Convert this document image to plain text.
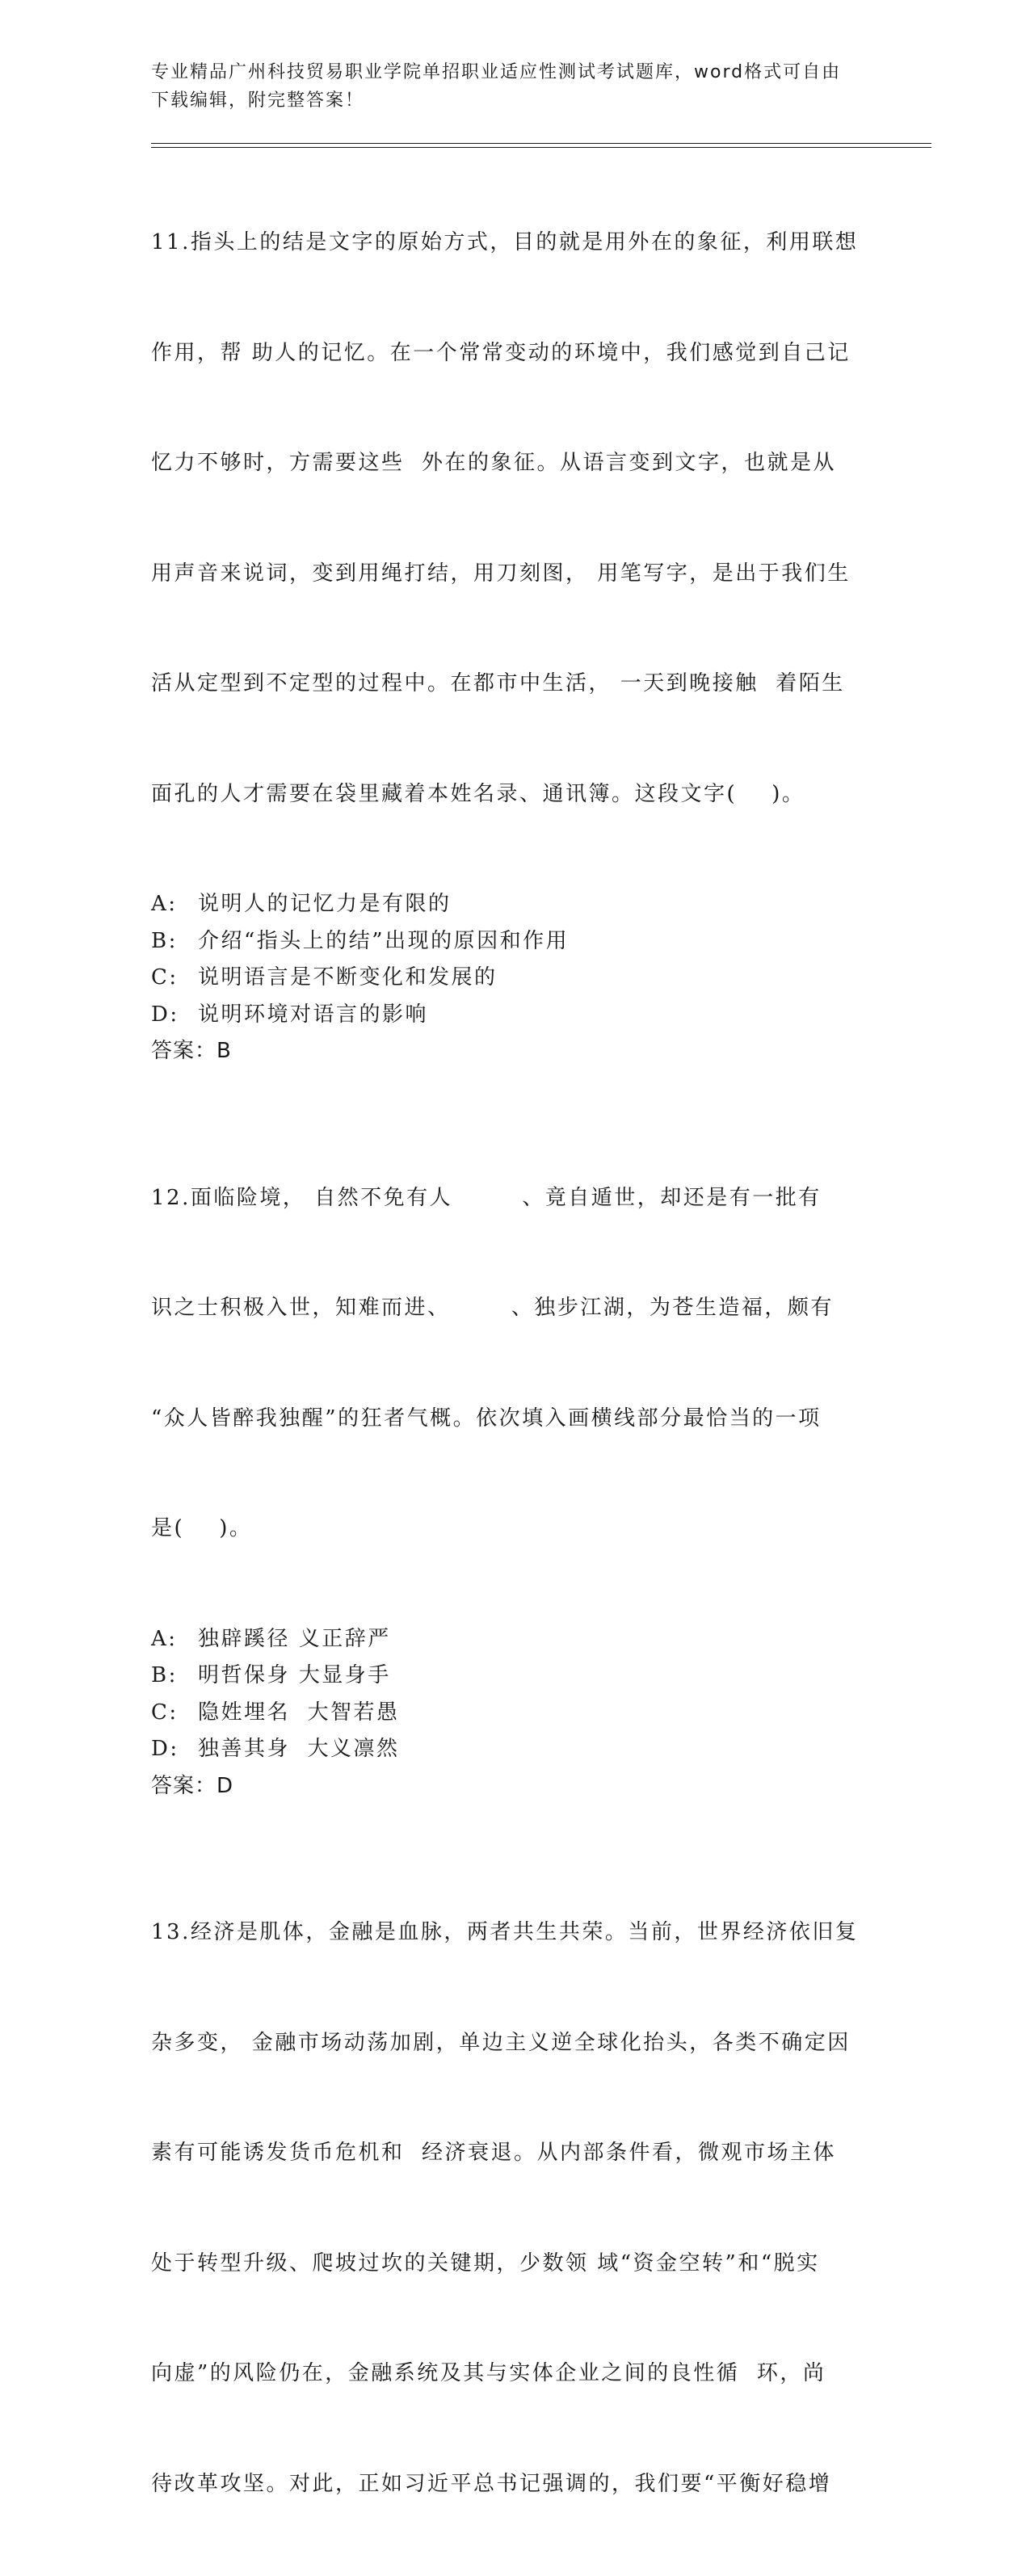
专业精品广州科技贸易职业学院单招职业适应性测试考试题库，word格式可自由
下载编辑，附完整答案！

11.指头上的结是文字的原始方式，目的就是用外在的象征，利用联想

作用，帮 助人的记忆。在一个常常变动的环境中，我们感觉到自己记

忆力不够时，方需要这些  外在的象征。从语言变到文字，也就是从

用声音来说词，变到用绳打结，用刀刻图， 用笔写字，是出于我们生

活从定型到不定型的过程中。在都市中生活， 一天到晚接触  着陌生

面孔的人才需要在袋里藏着本姓名录、通讯簿。这段文字(    )。

A: 说明人的记忆力是有限的
B: 介绍“指头上的结”出现的原因和作用
C: 说明语言是不断变化和发展的
D: 说明环境对语言的影响
答案：B

12.面临险境， 自然不免有人        、竟自遁世，却还是有一批有

识之士积极入世，知难而进、       、独步江湖，为苍生造福，颇有

“众人皆醉我独醒”的狂者气概。依次填入画横线部分最恰当的一项

是(    )。

A: 独辟蹊径 义正辞严
B: 明哲保身 大显身手
C: 隐姓埋名  大智若愚
D: 独善其身  大义凛然
答案：D

13.经济是肌体，金融是血脉，两者共生共荣。当前，世界经济依旧复

杂多变， 金融市场动荡加剧，单边主义逆全球化抬头，各类不确定因

素有可能诱发货币危机和  经济衰退。从内部条件看，微观市场主体

处于转型升级、爬坡过坎的关键期，少数领 域“资金空转”和“脱实

向虚”的风险仍在，金融系统及其与实体企业之间的良性循  环，尚

待改革攻坚。对此，正如习近平总书记强调的，我们要“平衡好稳增
